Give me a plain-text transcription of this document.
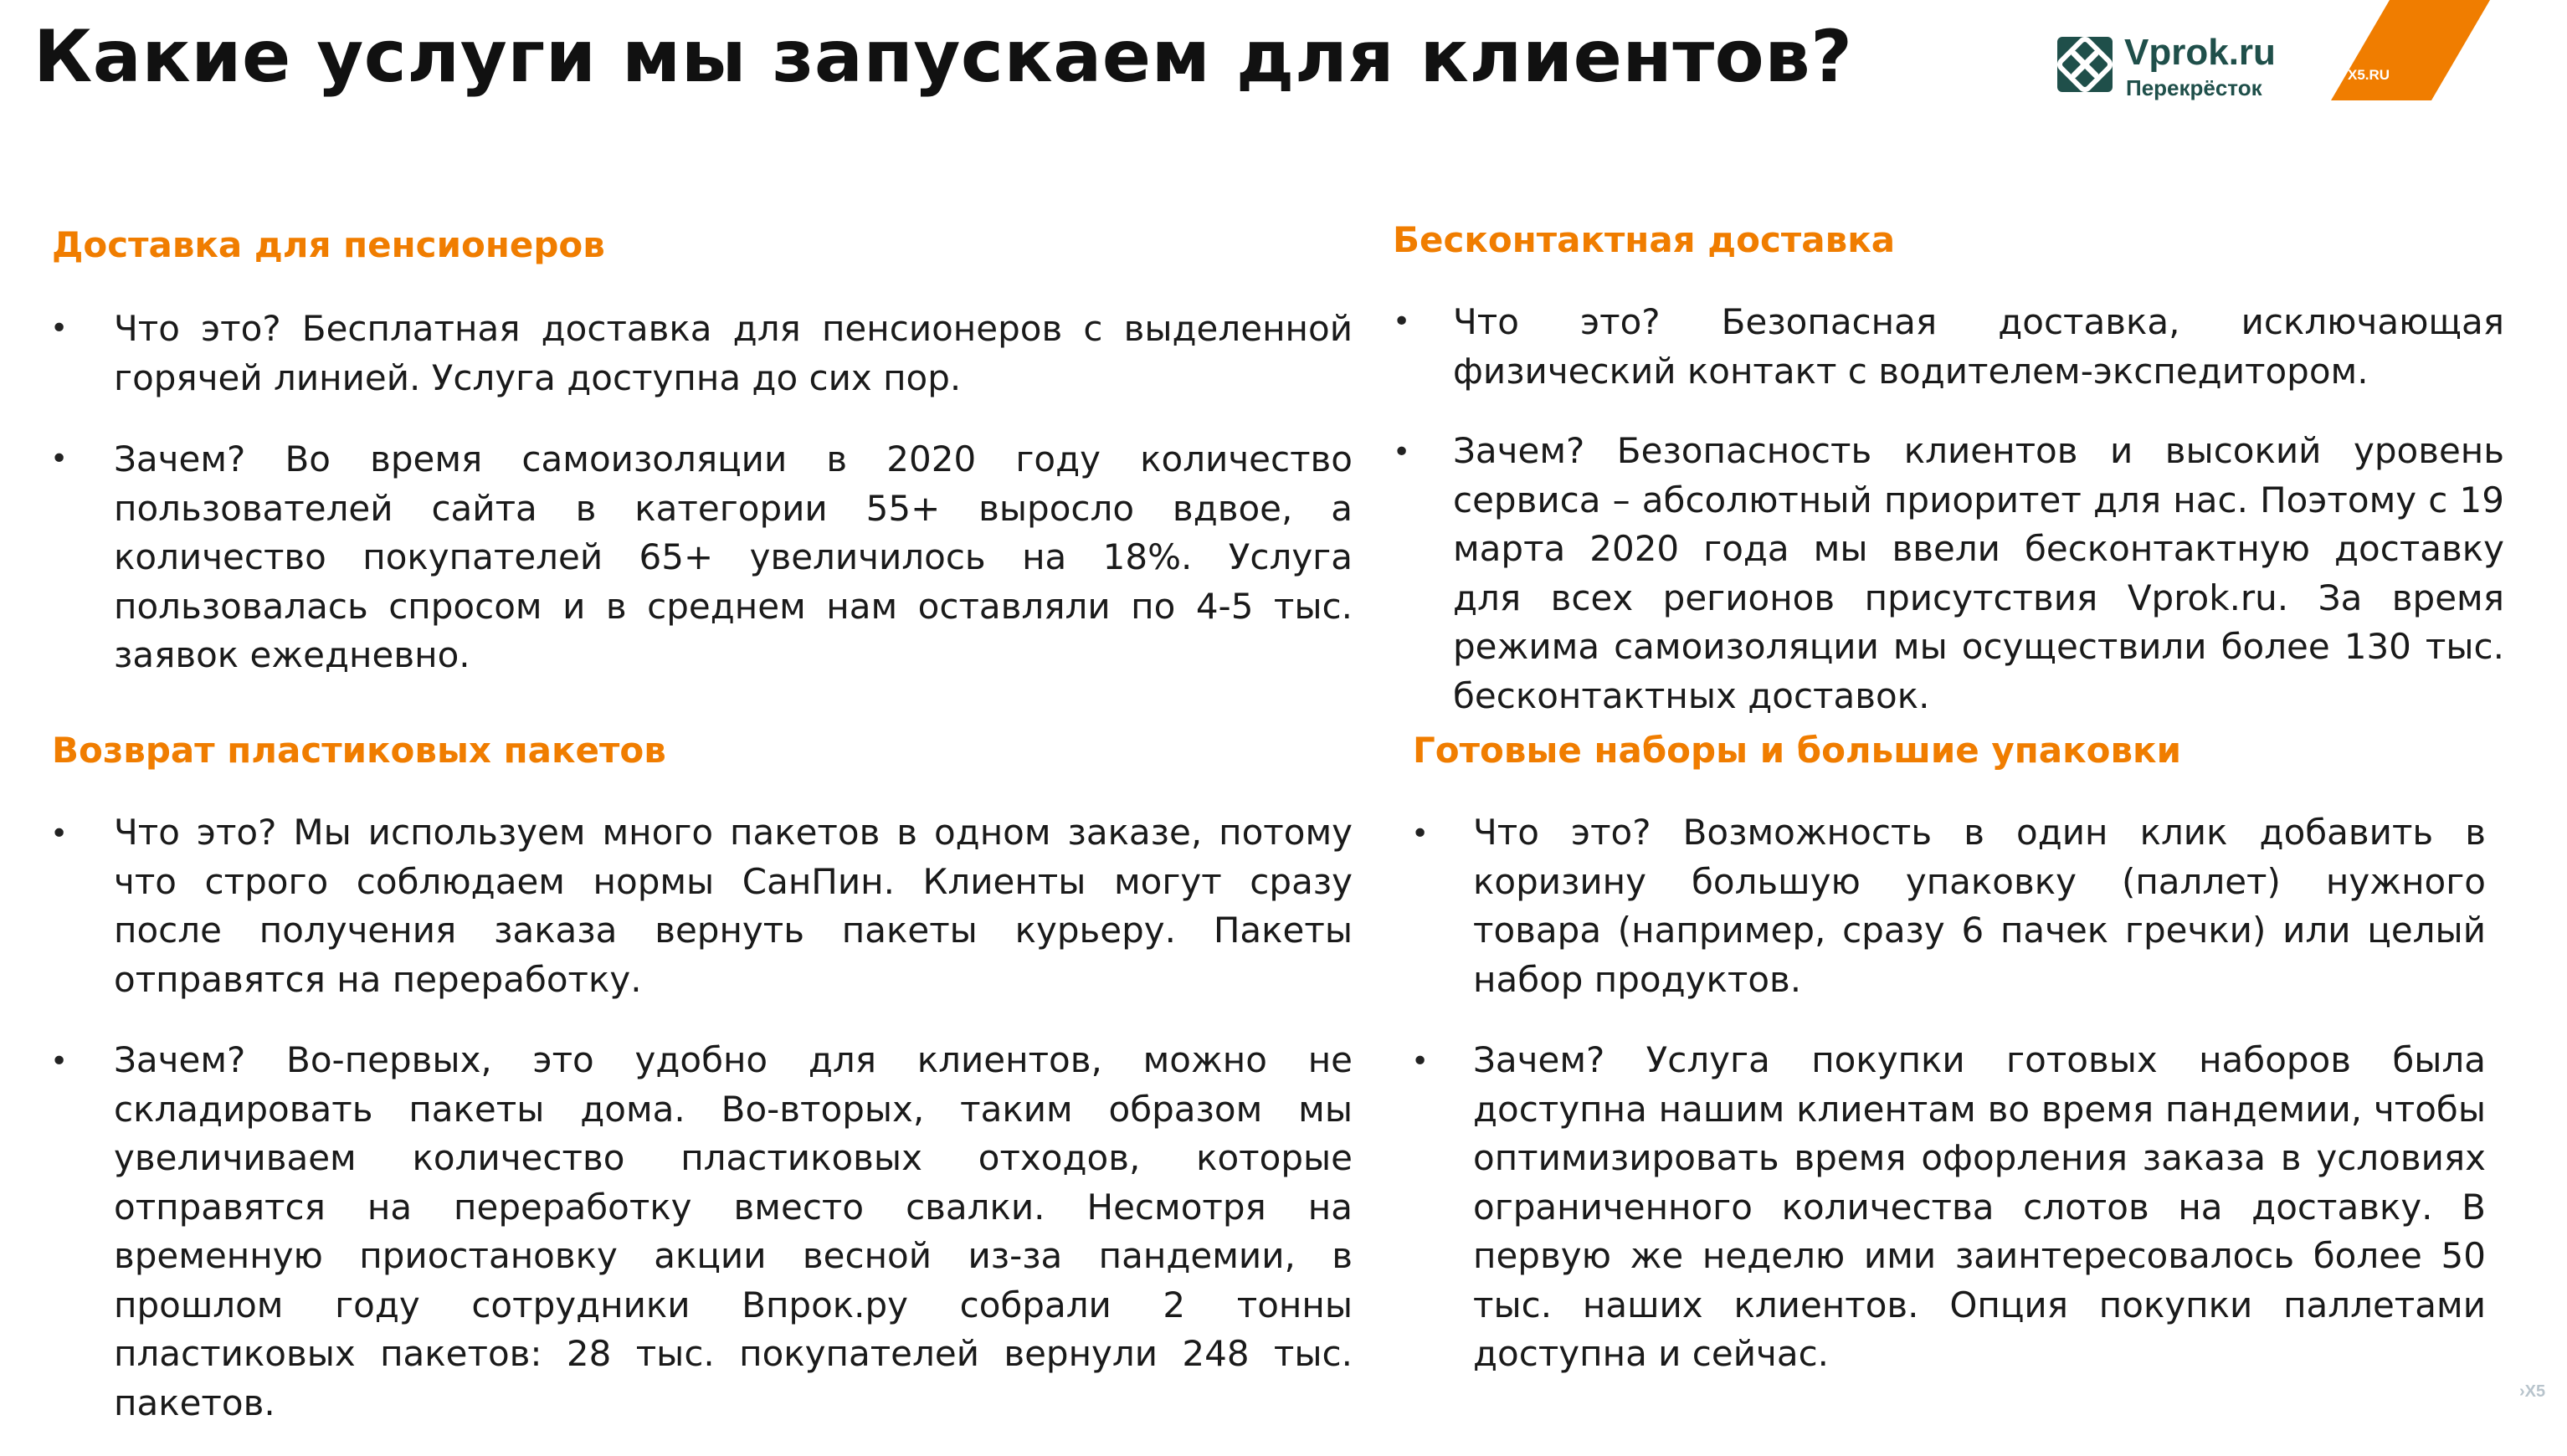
Какие услуги мы запускаем для клиентов?	Vprok.ru
Перекрёсток
X5.RU
Доставка для пенсионеров
• Что это? Бесплатная доставка для пенсионеров с выделенной горячей линией. Услуга доступна до сих пор.
• Зачем? Во время самоизоляции в 2020 году количество пользователей сайта в категории 55+ выросло вдвое, а количество покупателей 65+ увеличилось на 18%. Услуга пользовалась спросом и в среднем нам оставляли по 4-5 тыс. заявок ежедневно.
Бесконтактная доставка
• Что это? Безопасная доставка, исключающая физический контакт с водителем-экспедитором.
• Зачем? Безопасность клиентов и высокий уровень сервиса – абсолютный приоритет для нас. Поэтому с 19 марта 2020 года мы ввели бесконтактную доставку для всех регионов присутствия Vprok.ru. За время режима самоизоляции мы осуществили более 130 тыс. бесконтактных доставок.
Возврат пластиковых пакетов
• Что это? Мы используем много пакетов в одном заказе, потому что строго соблюдаем нормы СанПин. Клиенты могут сразу после получения заказа вернуть пакеты курьеру. Пакеты отправятся на переработку.
• Зачем? Во-первых, это удобно для клиентов, можно не складировать пакеты дома. Во-вторых, таким образом мы увеличиваем количество пластиковых отходов, которые отправятся на переработку вместо свалки. Несмотря на временную приостановку акции весной из-за пандемии, в прошлом году сотрудники Впрок.ру собрали 2 тонны пластиковых пакетов: 28 тыс. покупателей вернули 248 тыс. пакетов.
Готовые наборы и большие упаковки
• Что это? Возможность в один клик добавить в коризину большую упаковку (паллет) нужного товара (например, сразу 6 пачек гречки) или целый набор продуктов.
• Зачем? Услуга покупки готовых наборов была доступна нашим клиентам во время пандемии, чтобы оптимизировать время офорления заказа в условиях ограниченного количества слотов на доставку. В первую же неделю ими заинтересовалось более 50 тыс. наших клиентов. Опция покупки паллетами доступна и сейчас.
›X5
